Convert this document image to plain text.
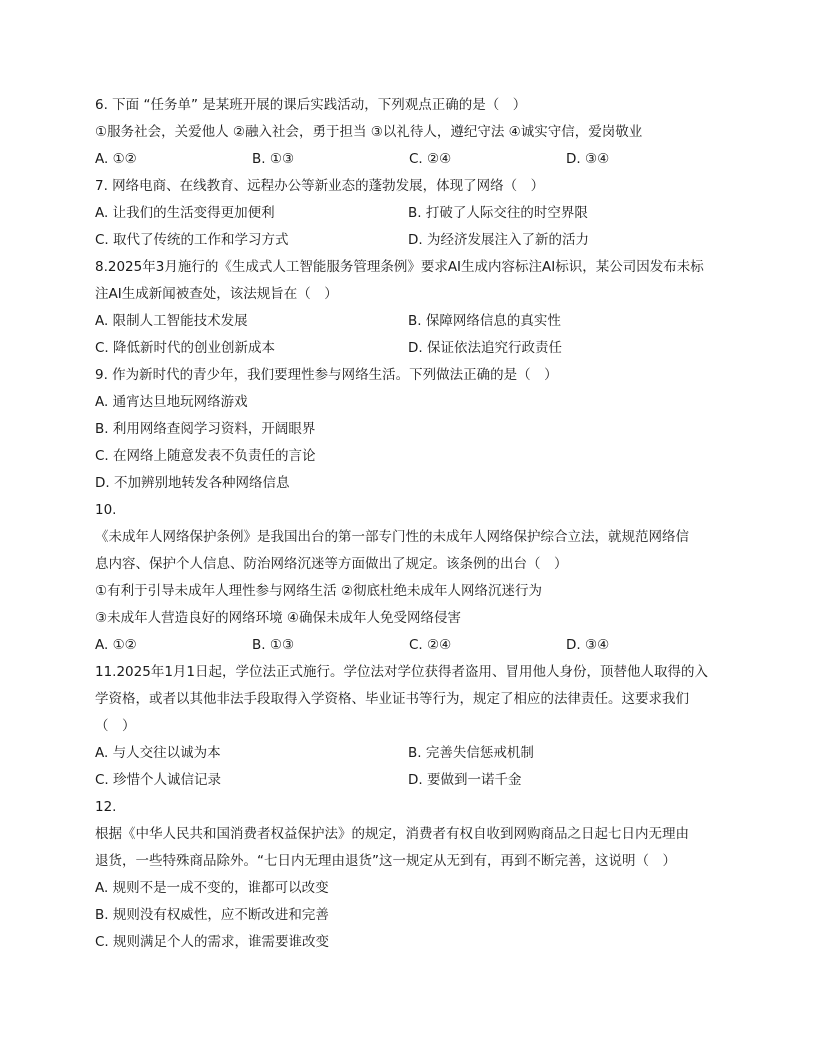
6. 下面 “任务单” 是某班开展的课后实践活动，下列观点正确的是（　）
①服务社会，关爱他人 ②融入社会，勇于担当 ③以礼待人，遵纪守法 ④诚实守信，爱岗敬业
A. ①②	B. ①③	C. ②④	D. ③④
7. 网络电商、在线教育、远程办公等新业态的蓬勃发展，体现了网络（　）
A. 让我们的生活变得更加便利	B. 打破了人际交往的时空界限
C. 取代了传统的工作和学习方式	D. 为经济发展注入了新的活力
8.2025年3月施行的《生成式人工智能服务管理条例》要求AI生成内容标注AI标识，某公司因发布未标
注AI生成新闻被查处，该法规旨在（　）
A. 限制人工智能技术发展	B. 保障网络信息的真实性
C. 降低新时代的创业创新成本	D. 保证依法追究行政责任
9. 作为新时代的青少年，我们要理性参与网络生活。下列做法正确的是（　）
A. 通宵达旦地玩网络游戏
B. 利用网络查阅学习资料，开阔眼界
C. 在网络上随意发表不负责任的言论
D. 不加辨别地转发各种网络信息
10.
《未成年人网络保护条例》是我国出台的第一部专门性的未成年人网络保护综合立法，就规范网络信
息内容、保护个人信息、防治网络沉迷等方面做出了规定。该条例的出台（　）
①有利于引导未成年人理性参与网络生活 ②彻底杜绝未成年人网络沉迷行为
③未成年人营造良好的网络环境 ④确保未成年人免受网络侵害
A. ①②	B. ①③	C. ②④	D. ③④
11.2025年1月1日起，学位法正式施行。学位法对学位获得者盗用、冒用他人身份，顶替他人取得的入
学资格，或者以其他非法手段取得入学资格、毕业证书等行为，规定了相应的法律责任。这要求我们
（　）
A. 与人交往以诚为本	B. 完善失信惩戒机制
C. 珍惜个人诚信记录	D. 要做到一诺千金
12.
根据《中华人民共和国消费者权益保护法》的规定，消费者有权自收到网购商品之日起七日内无理由
退货，一些特殊商品除外。“七日内无理由退货”这一规定从无到有，再到不断完善，这说明（　）
A. 规则不是一成不变的，谁都可以改变
B. 规则没有权威性，应不断改进和完善
C. 规则满足个人的需求，谁需要谁改变
